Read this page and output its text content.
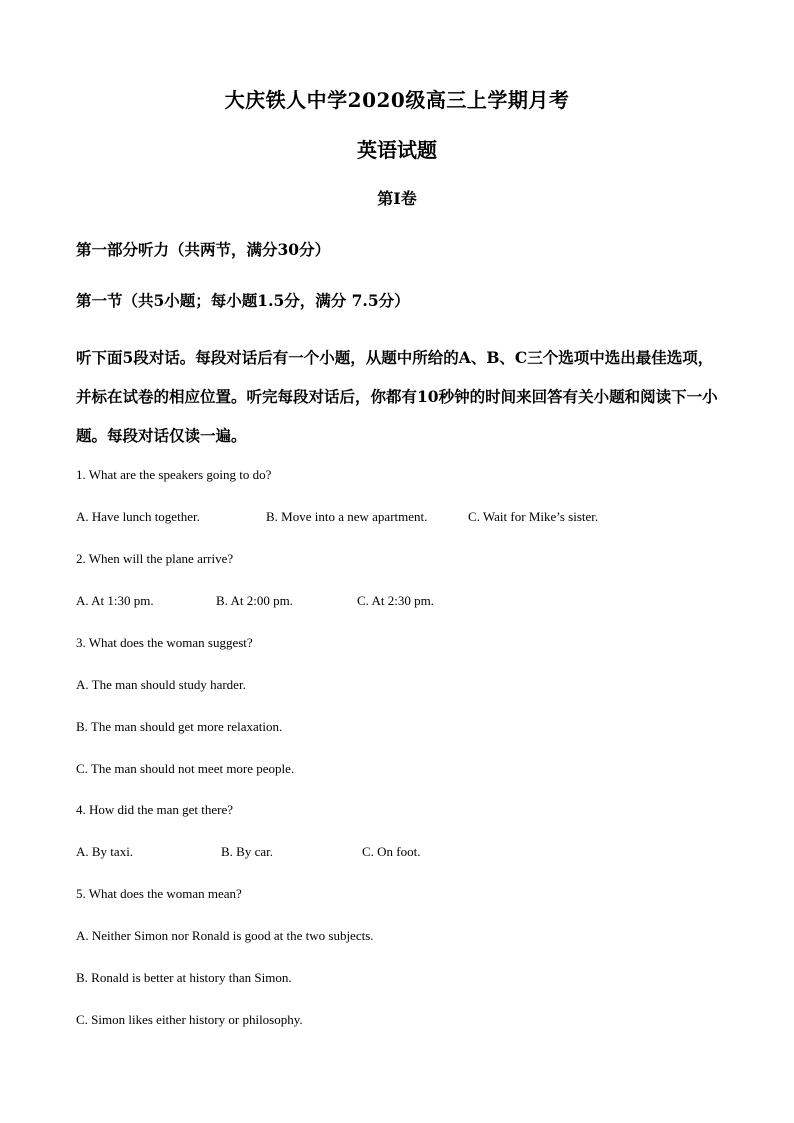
大庆铁人中学2020级高三上学期月考
英语试题
第I卷
第一部分听力（共两节，满分30分）
第一节（共5小题；每小题1.5分，满分 7.5分）
听下面5段对话。每段对话后有一个小题，从题中所给的A、B、C三个选项中选出最佳选项，并标在试卷的相应位置。听完每段对话后，你都有10秒钟的时间来回答有关小题和阅读下一小题。每段对话仅读一遍。
1. What are the speakers going to do?
A. Have lunch together.	B. Move into a new apartment.	C. Wait for Mike’s sister.
2. When will the plane arrive?
A. At 1:30 pm.	B. At 2:00 pm.	C. At 2:30 pm.
3. What does the woman suggest?
A. The man should study harder.
B. The man should get more relaxation.
C. The man should not meet more people.
4. How did the man get there?
A. By taxi.	B. By car.	C. On foot.
5. What does the woman mean?
A. Neither Simon nor Ronald is good at the two subjects.
B. Ronald is better at history than Simon.
C. Simon likes either history or philosophy.
